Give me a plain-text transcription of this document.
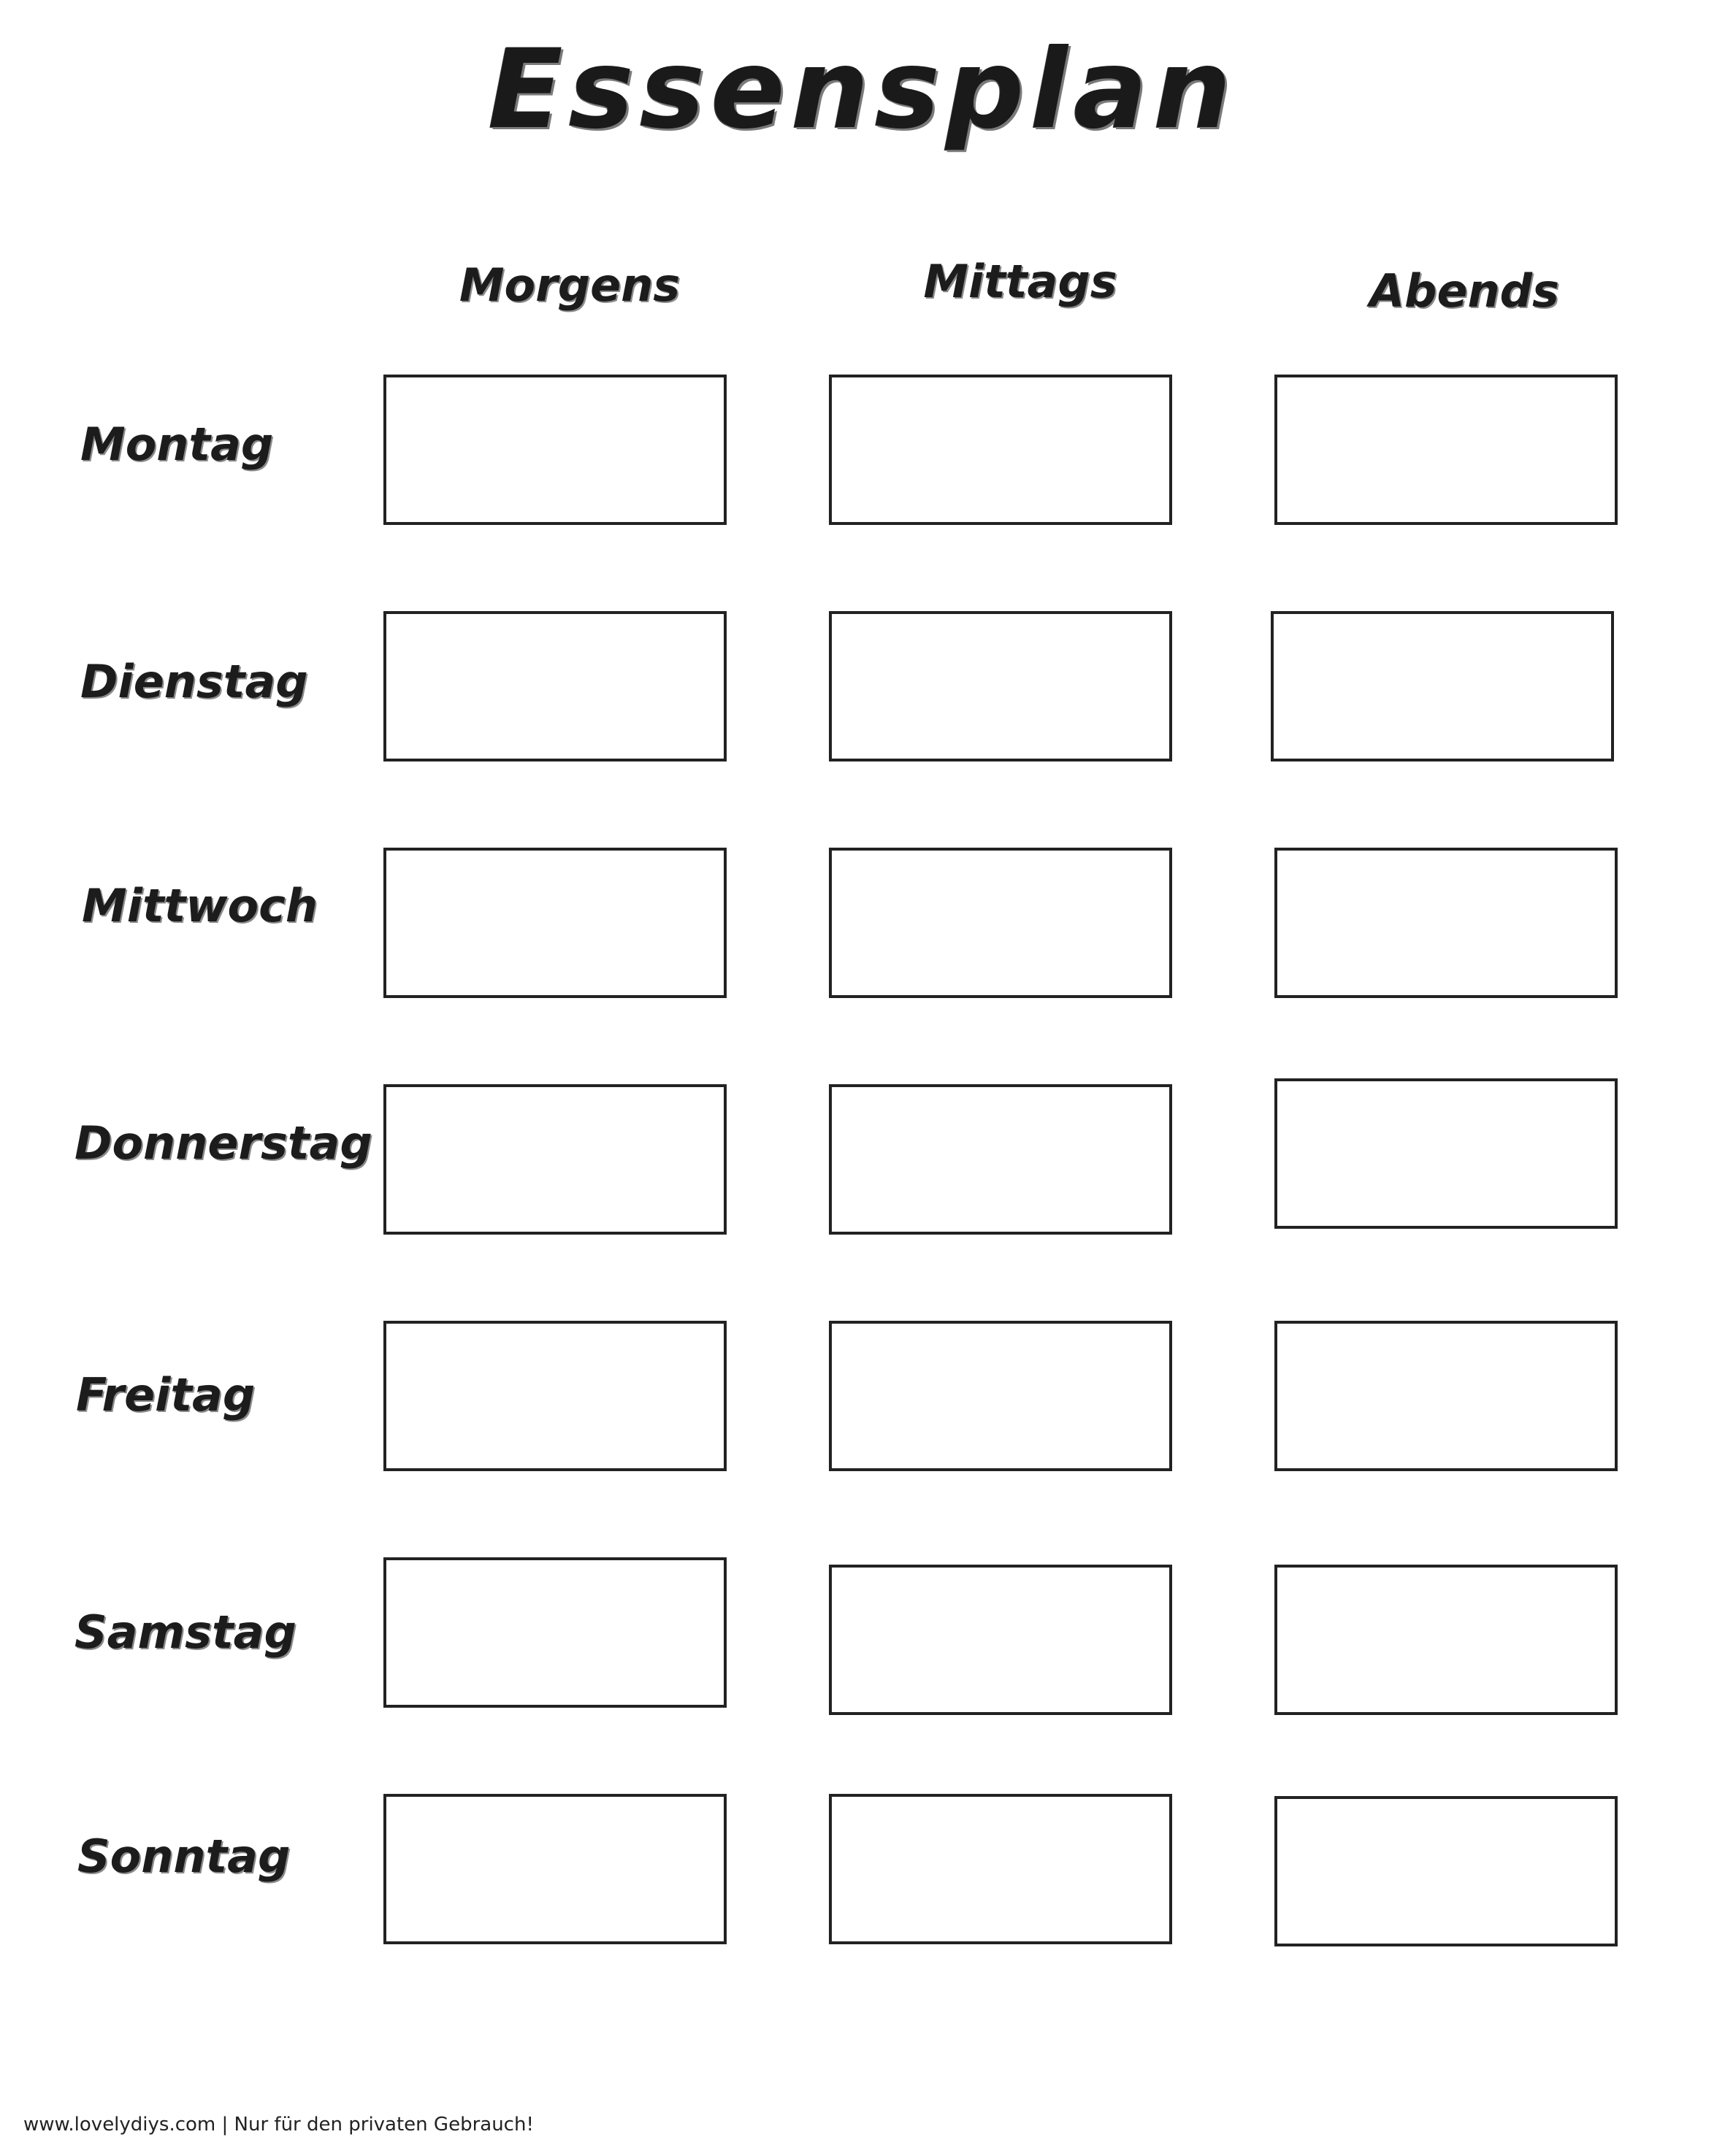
Essensplan
Morgens	Mittags	Abends
Montag
Dienstag
Mittwoch
Donnerstag
Freitag
Samstag
Sonntag
www.lovelydiys.com | Nur für den privaten Gebrauch!
